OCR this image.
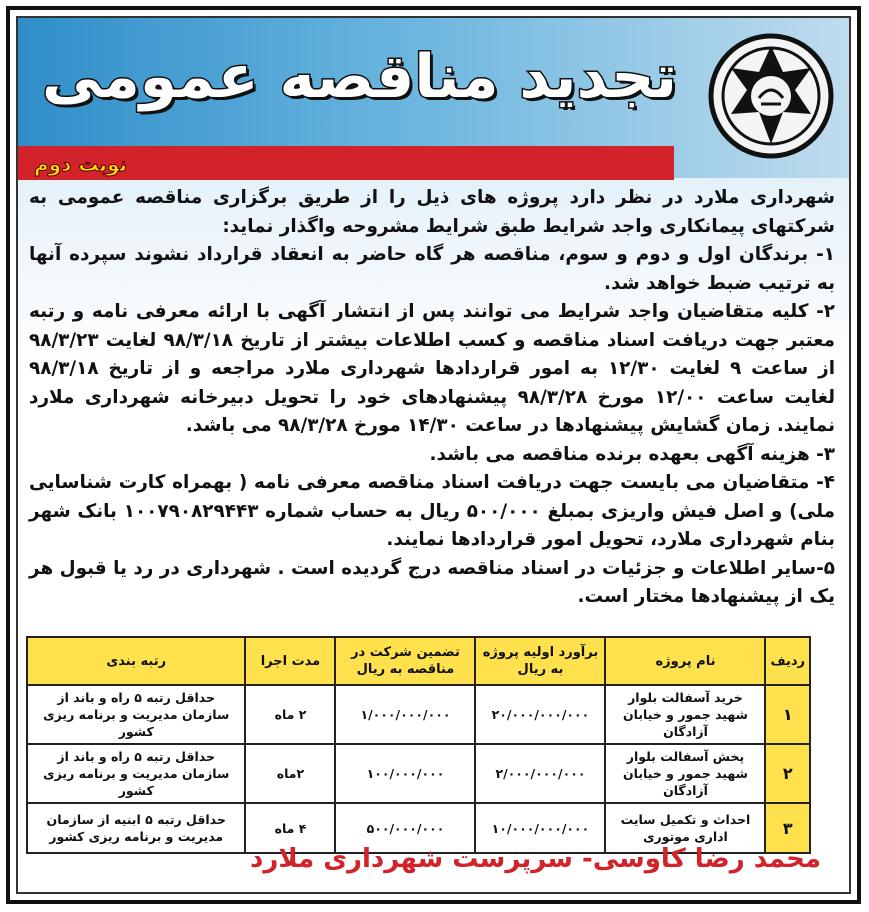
تجدید مناقصه عمومی
نوبت دوم

شهرداری ملارد در نظر دارد پروژه های ذیل را از طریق برگزاری مناقصه عمومی به شرکتهای پیمانکاری واجد شرایط طبق شرایط مشروحه واگذار نماید:

۱- برندگان اول و دوم و سوم، مناقصه هر گاه حاضر به انعقاد قرارداد نشوند سپرده آنها به ترتیب ضبط خواهد شد.

۲- کلیه متقاضیان واجد شرایط می توانند پس از انتشار آگهی با ارائه معرفی نامه و رتبه معتبر جهت دریافت اسناد مناقصه و کسب اطلاعات بیشتر از تاریخ ۹۸/۳/۱۸ لغایت ۹۸/۳/۲۳ از ساعت ۹ لغایت ۱۲/۳۰ به امور قراردادها شهرداری ملارد مراجعه و از تاریخ ۹۸/۳/۱۸ لغایت ساعت ۱۲/۰۰ مورخ ۹۸/۳/۲۸ پیشنهادهای خود را تحویل دبیرخانه شهرداری ملارد نمایند. زمان گشایش پیشنهادها در ساعت ۱۴/۳۰ مورخ ۹۸/۳/۲۸ می باشد.

۳- هزینه آگهی بعهده برنده مناقصه می باشد.

۴- متقاضیان می بایست جهت دریافت اسناد مناقصه معرفی نامه ( بهمراه کارت شناسایی ملی) و اصل فیش واریزی بمبلغ ۵۰۰/۰۰۰ ریال به حساب شماره ۱۰۰۷۹۰۸۲۹۴۴۳ بانک شهر بنام شهرداری ملارد، تحویل امور قراردادها نمایند.

۵-سایر اطلاعات و جزئیات در اسناد مناقصه درج گردیده است . شهرداری در رد یا قبول هر یک از پیشنهادها مختار است.

ردیف	نام پروژه	برآورد اولیه پروژه به ریال	تضمین شرکت در مناقصه به ریال	مدت اجرا	رتبه بندی
۱	خرید آسفالت بلوار شهید جمور و خیابان آزادگان	۲۰/۰۰۰/۰۰۰/۰۰۰	۱/۰۰۰/۰۰۰/۰۰۰	۲ ماه	حداقل رتبه ۵ راه و باند از سازمان مدیریت و برنامه ریزی کشور
۲	پخش آسفالت بلوار شهید جمور و خیابان آزادگان	۲/۰۰۰/۰۰۰/۰۰۰	۱۰۰/۰۰۰/۰۰۰	۲ماه	حداقل رتبه ۵ راه و باند از سازمان مدیریت و برنامه ریزی کشور
۳	احداث و تکمیل سایت اداری موتوری	۱۰/۰۰۰/۰۰۰/۰۰۰	۵۰۰/۰۰۰/۰۰۰	۴ ماه	حداقل رتبه ۵ ابنیه از سازمان مدیریت و برنامه ریزی کشور
محمد رضا کاوسی- سرپرست شهرداری ملارد
